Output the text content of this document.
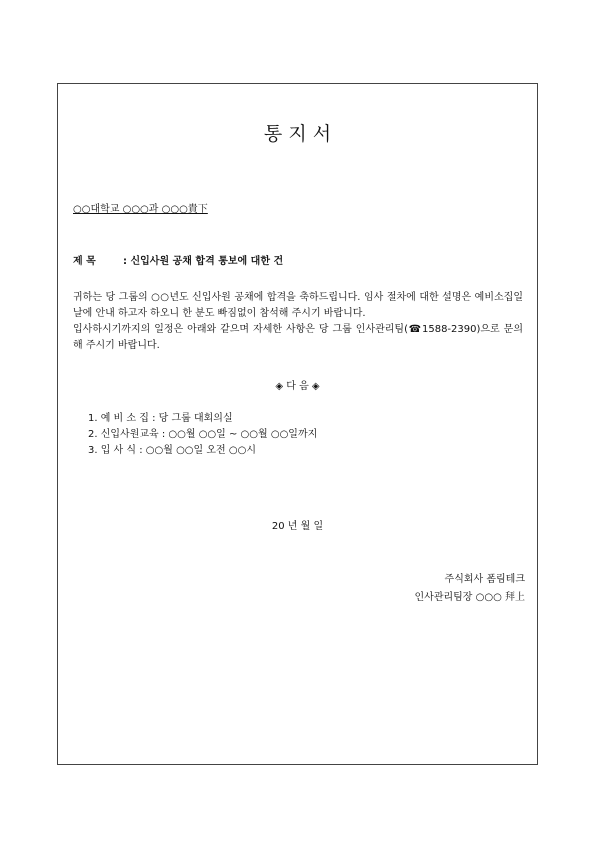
통 지 서
○○대학교 ○○○과 ○○○貴下
제 목	: 신입사원 공채 합격 통보에 대한 건

귀하는 당 그룹의 ○○년도 신입사원 공채에 합격을 축하드립니다. 임사 절차에 대한 설명은 예비소집일 날에 안내 하고자 하오니 한 분도 빠짐없이 참석해 주시기 바랍니다.

입사하시기까지의 일정은 아래와 같으며 자세한 사항은 당 그룹 인사관리팀(☎1588-2390)으로 문의해 주시기 바랍니다.

◈ 다 음 ◈
1. 예 비 소 집 : 당 그룹 대회의실
2. 신입사원교육 : ○○월 ○○일 ~ ○○월 ○○일까지
3. 입 사 식 : ○○월 ○○일 오전 ○○시
20 년 월 일
주식회사 폼림테크
인사관리팀장 ○○○ 拜上
